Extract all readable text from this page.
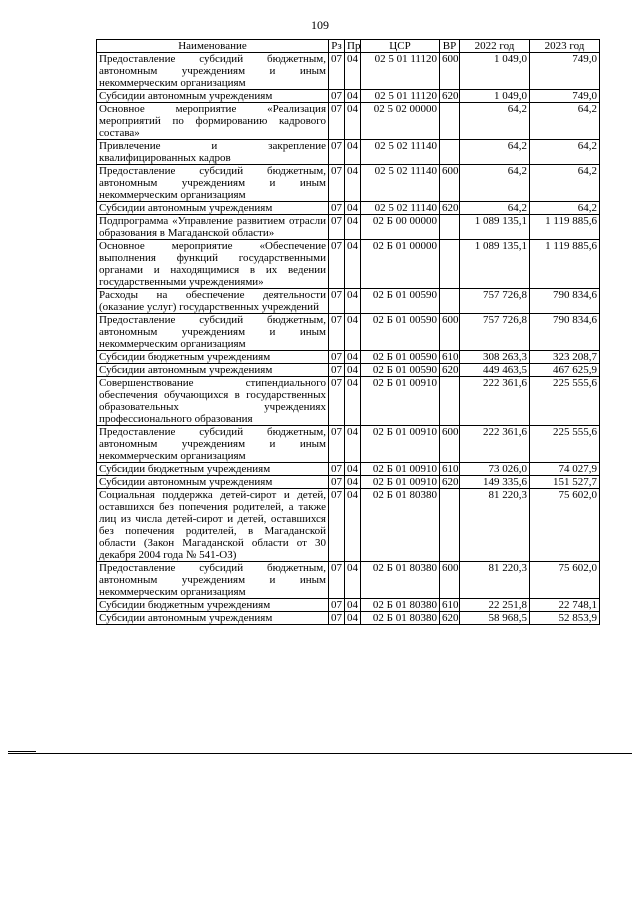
109
Наименование	Рз	Пр	ЦСР	ВР	2022 год	2023 год
Предоставление субсидий бюджетным, автономным учреждениям и иным некоммерческим организациям	07	04	02 5 01 11120	600	1 049,0	749,0
Субсидии автономным учреждениям	07	04	02 5 01 11120	620	1 049,0	749,0
Основное мероприятие «Реализация мероприятий по формированию кадрового состава»	07	04	02 5 02 00000		64,2	64,2
Привлечение и закрепление квалифицированных кадров	07	04	02 5 02 11140		64,2	64,2
Предоставление субсидий бюджетным, автономным учреждениям и иным некоммерческим организациям	07	04	02 5 02 11140	600	64,2	64,2
Субсидии автономным учреждениям	07	04	02 5 02 11140	620	64,2	64,2
Подпрограмма «Управление развитием отрасли образования в Магаданской области»	07	04	02 Б 00 00000		1 089 135,1	1 119 885,6
Основное мероприятие «Обеспечение выполнения функций государственными органами и находящимися в их ведении государственными учреждениями»	07	04	02 Б 01 00000		1 089 135,1	1 119 885,6
Расходы на обеспечение деятельности (оказание услуг) государственных учреждений	07	04	02 Б 01 00590		757 726,8	790 834,6
Предоставление субсидий бюджетным, автономным учреждениям и иным некоммерческим организациям	07	04	02 Б 01 00590	600	757 726,8	790 834,6
Субсидии бюджетным учреждениям	07	04	02 Б 01 00590	610	308 263,3	323 208,7
Субсидии автономным учреждениям	07	04	02 Б 01 00590	620	449 463,5	467 625,9
Совершенствование стипендиального обеспечения обучающихся в государственных образовательных учреждениях профессионального образования	07	04	02 Б 01 00910		222 361,6	225 555,6
Предоставление субсидий бюджетным, автономным учреждениям и иным некоммерческим организациям	07	04	02 Б 01 00910	600	222 361,6	225 555,6
Субсидии бюджетным учреждениям	07	04	02 Б 01 00910	610	73 026,0	74 027,9
Субсидии автономным учреждениям	07	04	02 Б 01 00910	620	149 335,6	151 527,7
Социальная поддержка детей-сирот и детей, оставшихся без попечения родителей, а также лиц из числа детей-сирот и детей, оставшихся без попечения родителей, в Магаданской области (Закон Магаданской области от 30 декабря 2004 года № 541-ОЗ)	07	04	02 Б 01 80380		81 220,3	75 602,0
Предоставление субсидий бюджетным, автономным учреждениям и иным некоммерческим организациям	07	04	02 Б 01 80380	600	81 220,3	75 602,0
Субсидии бюджетным учреждениям	07	04	02 Б 01 80380	610	22 251,8	22 748,1
Субсидии автономным учреждениям	07	04	02 Б 01 80380	620	58 968,5	52 853,9
